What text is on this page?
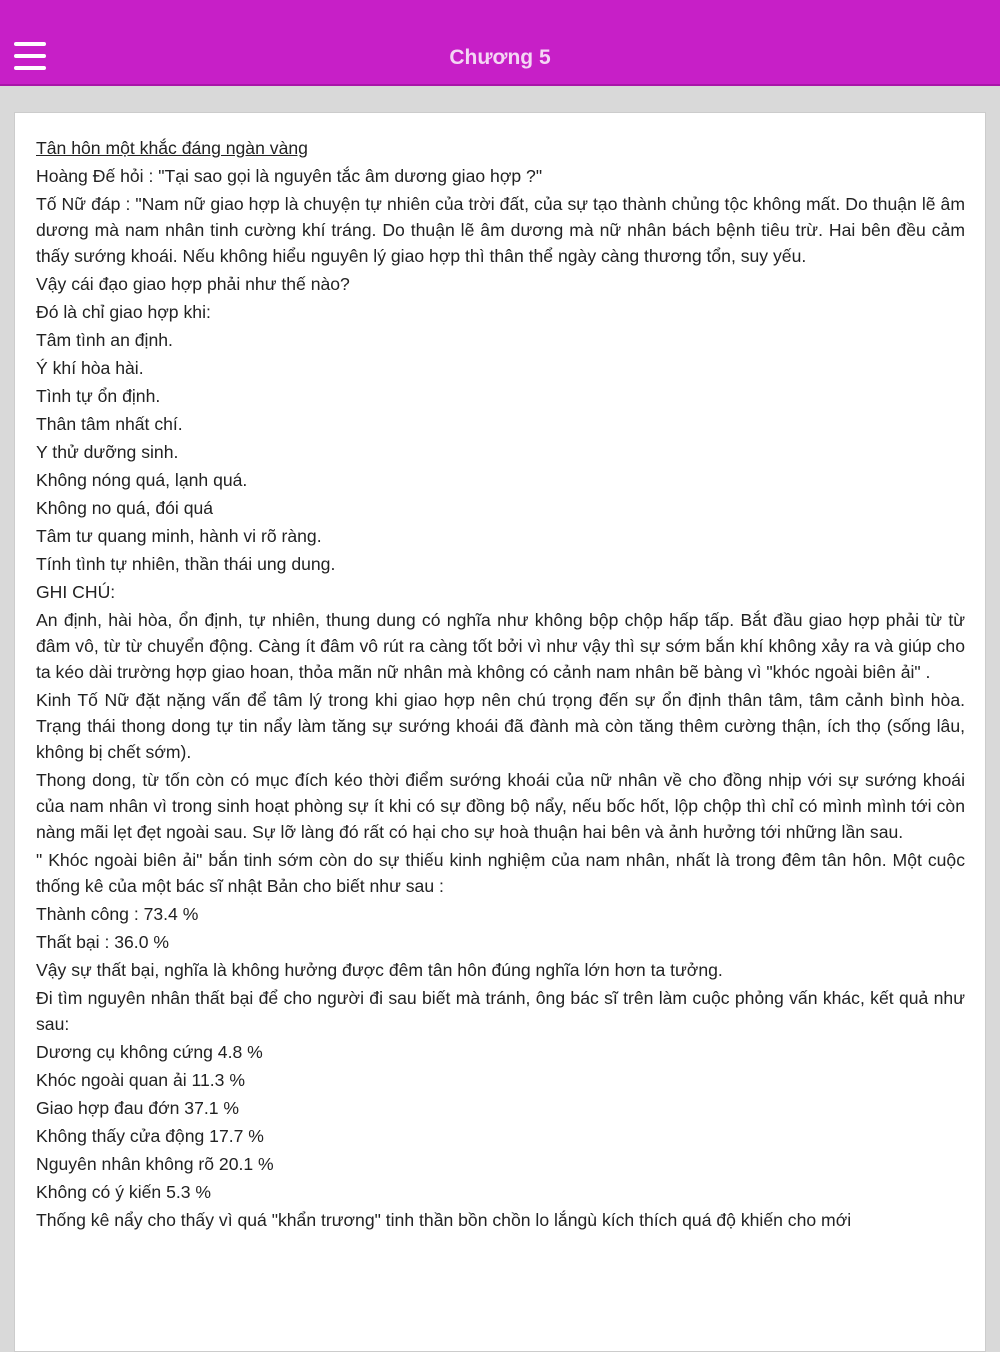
Chương 5

Tân hôn một khắc đáng ngàn vàng

Hoàng Đế hỏi : "Tại sao gọi là nguyên tắc âm dương giao hợp ?"

Tố Nữ đáp : "Nam nữ giao hợp là chuyện tự nhiên của trời đất, của sự tạo thành chủng tộc không mất. Do thuận lẽ âm dương mà nam nhân tinh cường khí tráng. Do thuận lẽ âm dương mà nữ nhân bách bệnh tiêu trừ. Hai bên đều cảm thấy sướng khoái. Nếu không hiểu nguyên lý giao hợp thì thân thể ngày càng thương tổn, suy yếu.

Vậy cái đạo giao hợp phải như thế nào?

Đó là chỉ giao hợp khi:

Tâm tình an định.

Ý khí hòa hài.

Tình tự ổn định.

Thân tâm nhất chí.

Y thử dưỡng sinh.

Không nóng quá, lạnh quá.

Không no quá, đói quá

Tâm tư quang minh, hành vi rõ ràng.

Tính tình tự nhiên, thần thái ung dung.

GHI CHÚ:

An định, hài hòa, ổn định, tự nhiên, thung dung có nghĩa như không bộp chộp hấp tấp. Bắt đầu giao hợp phải từ từ đâm vô, từ từ chuyển động. Càng ít đâm vô rút ra càng tốt bởi vì như vậy thì sự sớm bắn khí không xảy ra và giúp cho ta kéo dài trường hợp giao hoan, thỏa mãn nữ nhân mà không có cảnh nam nhân bẽ bàng vì "khóc ngoài biên ải" .

Kinh Tố Nữ đặt nặng vấn để tâm lý trong khi giao hợp nên chú trọng đến sự ổn định thân tâm, tâm cảnh bình hòa. Trạng thái thong dong tự tin nẩy làm tăng sự sướng khoái đã đành mà còn tăng thêm cường thận, ích thọ (sống lâu, không bị chết sớm).

Thong dong, từ tốn còn có mục đích kéo thời điểm sướng khoái của nữ nhân về cho đồng nhịp với sự sướng khoái của nam nhân vì trong sinh hoạt phòng sự ít khi có sự đồng bộ nẩy, nếu bốc hốt, lộp chộp thì chỉ có mình mình tới còn nàng mãi lẹt đẹt ngoài sau. Sự lỡ làng đó rất có hại cho sự hoà thuận hai bên và ảnh hưởng tới những lần sau.

" Khóc ngoài biên ải" bắn tinh sớm còn do sự thiếu kinh nghiệm của nam nhân, nhất là trong đêm tân hôn. Một cuộc thống kê của một bác sĩ nhật Bản cho biết như sau :

Thành công : 73.4 %

Thất bại : 36.0 %

Vậy sự thất bại, nghĩa là không hưởng được đêm tân hôn đúng nghĩa lớn hơn ta tưởng.

Đi tìm nguyên nhân thất bại để cho người đi sau biết mà tránh, ông bác sĩ trên làm cuộc phỏng vấn khác, kết quả như sau:

Dương cụ không cứng 4.8 %

Khóc ngoài quan ải 11.3 %

Giao hợp đau đớn 37.1 %

Không thấy cửa động 17.7 %

Nguyên nhân không rõ 20.1 %

Không có ý kiến 5.3 %

Thống kê nẩy cho thấy vì quá "khẩn trương" tinh thần bồn chồn lo lắngù kích thích quá độ khiến cho mới
